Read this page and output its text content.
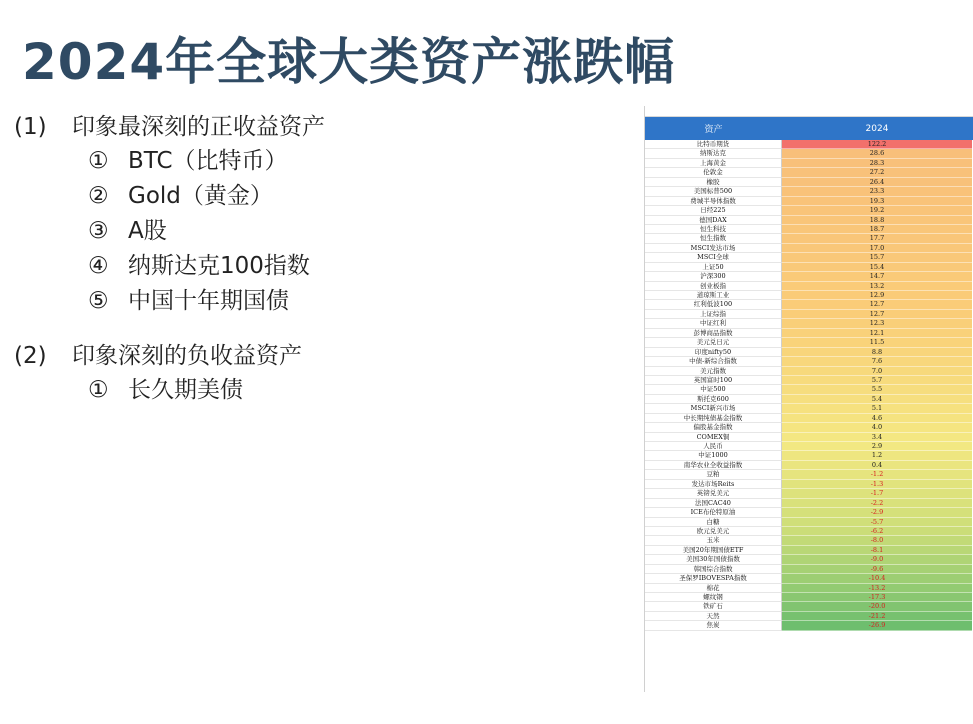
2024年全球大类资产涨跌幅
(1) 印象最深刻的正收益资产
① BTC（比特币）
② Gold（黄金）
③ A股
④ 纳斯达克100指数
⑤ 中国十年期国债
(2) 印象深刻的负收益资产
① 长久期美债
资产	2024
比特币期货	122.2
纳斯达克	28.6
上海黄金	28.3
伦敦金	27.2
橡胶	26.4
美国标普500	23.3
费城半导体指数	19.3
日经225	19.2
德国DAX	18.8
恒生科技	18.7
恒生指数	17.7
MSCI发达市场	17.0
MSCI全球	15.7
上证50	15.4
沪深300	14.7
创业板指	13.2
道琼斯工业	12.9
红利低波100	12.7
上证综指	12.7
中证红利	12.3
彭博商品指数	12.1
美元兑日元	11.5
印度nifty50	8.8
中债-新综合指数	7.6
美元指数	7.0
英国富时100	5.7
中证500	5.5
斯托克600	5.4
MSCI新兴市场	5.1
中长期纯债基金指数	4.6
偏股基金指数	4.0
COMEX铜	3.4
人民币	2.9
中证1000	1.2
南华农业全收益指数	0.4
豆粕	-1.2
发达市场Reits	-1.3
英镑兑美元	-1.7
法国CAC40	-2.2
ICE布伦特原油	-2.9
白糖	-5.7
欧元兑美元	-6.2
玉米	-8.0
美国20年期国债ETF	-8.1
美国30年国债指数	-9.0
韩国综合指数	-9.6
圣保罗IBOVESPA指数	-10.4
棉花	-13.2
螺纹钢	-17.3
铁矿石	-20.0
天然	-21.2
焦炭	-26.9
